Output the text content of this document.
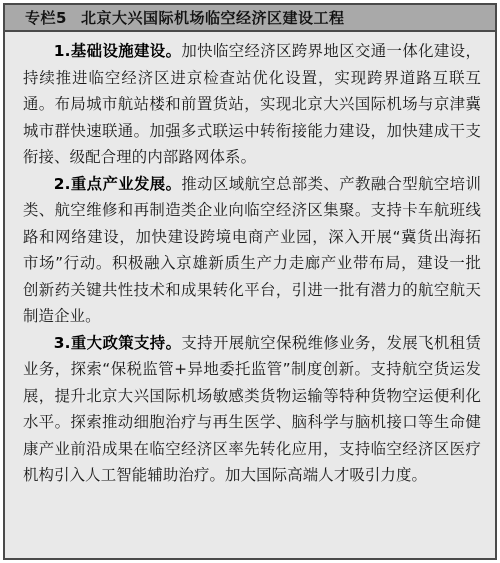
专栏5 北京大兴国际机场临空经济区建设工程

1.基础设施建设。加快临空经济区跨界地区交通一体化建设，持续推进临空经济区进京检查站优化设置，实现跨界道路互联互通。布局城市航站楼和前置货站，实现北京大兴国际机场与京津冀城市群快速联通。加强多式联运中转衔接能力建设，加快建成干支衔接、级配合理的内部路网体系。

2.重点产业发展。推动区域航空总部类、产教融合型航空培训类、航空维修和再制造类企业向临空经济区集聚。支持卡车航班线路和网络建设，加快建设跨境电商产业园，深入开展“冀货出海拓市场”行动。积极融入京雄新质生产力走廊产业带布局，建设一批创新药关键共性技术和成果转化平台，引进一批有潜力的航空航天制造企业。

3.重大政策支持。支持开展航空保税维修业务，发展飞机租赁业务，探索“保税监管+异地委托监管”制度创新。支持航空货运发展，提升北京大兴国际机场敏感类货物运输等特种货物空运便利化水平。探索推动细胞治疗与再生医学、脑科学与脑机接口等生命健康产业前沿成果在临空经济区率先转化应用，支持临空经济区医疗机构引入人工智能辅助治疗。加大国际高端人才吸引力度。
